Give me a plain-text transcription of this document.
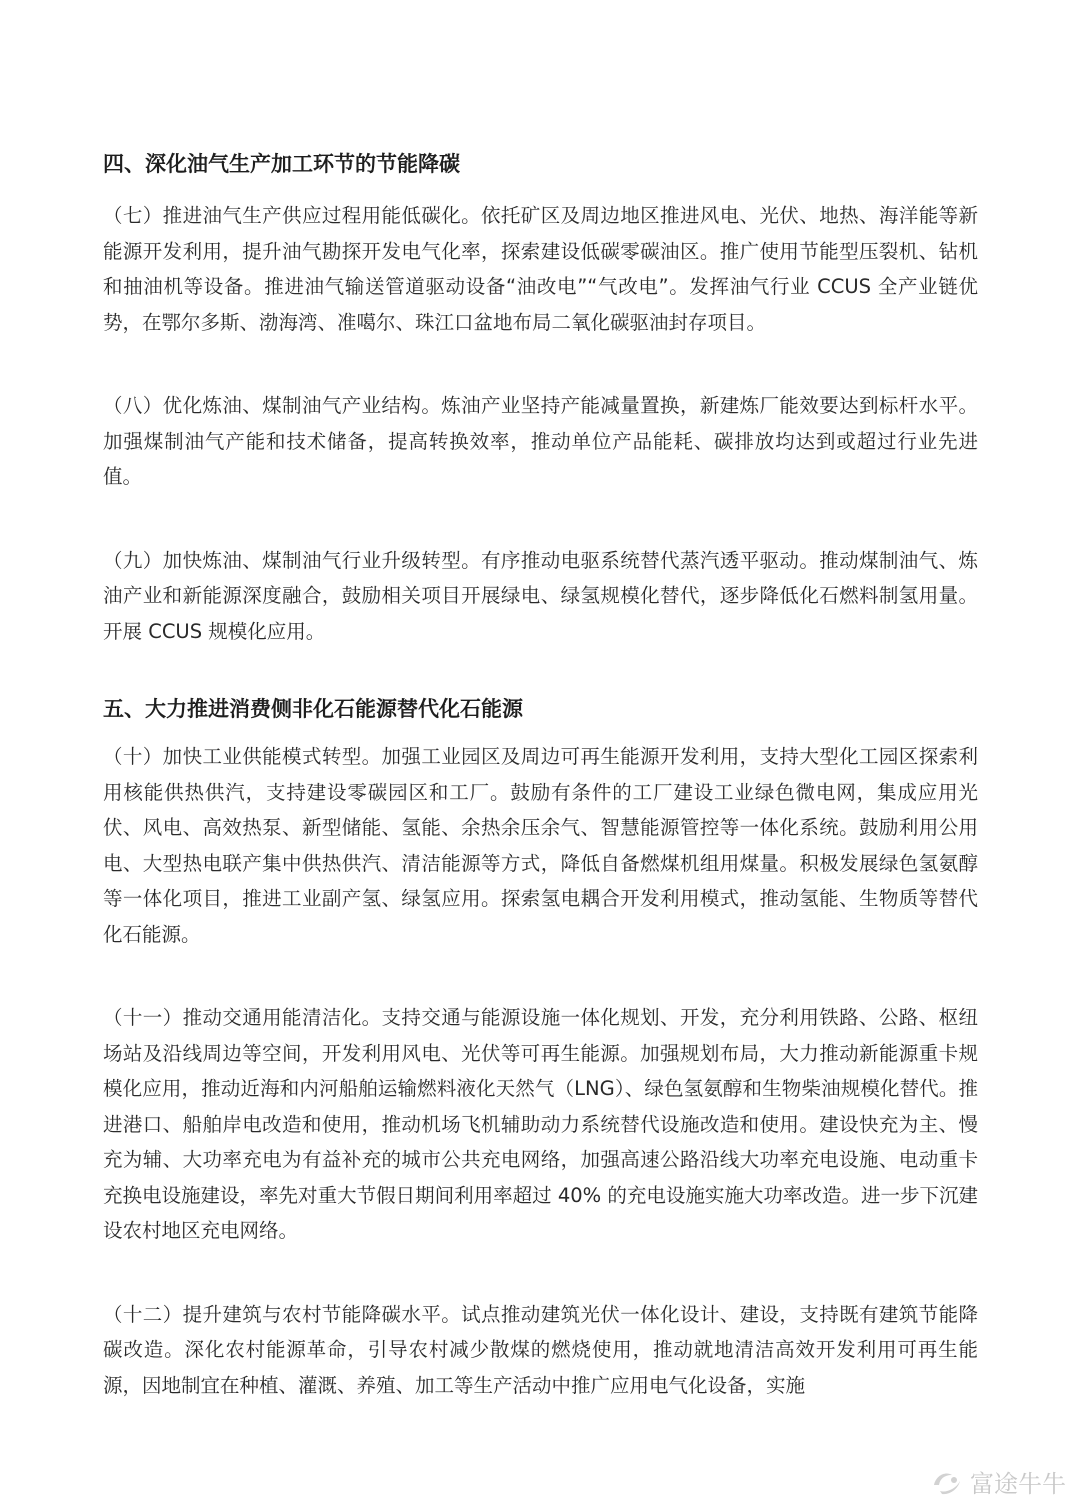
四、深化油气生产加工环节的节能降碳

（七）推进油气生产供应过程用能低碳化。依托矿区及周边地区推进风电、光伏、地热、海洋能等新能源开发利用，提升油气勘探开发电气化率，探索建设低碳零碳油区。推广使用节能型压裂机、钻机和抽油机等设备。推进油气输送管道驱动设备“油改电”“气改电”。发挥油气行业 CCUS 全产业链优势，在鄂尔多斯、渤海湾、准噶尔、珠江口盆地布局二氧化碳驱油封存项目。

（八）优化炼油、煤制油气产业结构。炼油产业坚持产能减量置换，新建炼厂能效要达到标杆水平。加强煤制油气产能和技术储备，提高转换效率，推动单位产品能耗、碳排放均达到或超过行业先进值。

（九）加快炼油、煤制油气行业升级转型。有序推动电驱系统替代蒸汽透平驱动。推动煤制油气、炼油产业和新能源深度融合，鼓励相关项目开展绿电、绿氢规模化替代，逐步降低化石燃料制氢用量。开展 CCUS 规模化应用。

五、大力推进消费侧非化石能源替代化石能源

（十）加快工业供能模式转型。加强工业园区及周边可再生能源开发利用，支持大型化工园区探索利用核能供热供汽，支持建设零碳园区和工厂。鼓励有条件的工厂建设工业绿色微电网，集成应用光伏、风电、高效热泵、新型储能、氢能、余热余压余气、智慧能源管控等一体化系统。鼓励利用公用电、大型热电联产集中供热供汽、清洁能源等方式，降低自备燃煤机组用煤量。积极发展绿色氢氨醇等一体化项目，推进工业副产氢、绿氢应用。探索氢电耦合开发利用模式，推动氢能、生物质等替代化石能源。

（十一）推动交通用能清洁化。支持交通与能源设施一体化规划、开发，充分利用铁路、公路、枢纽场站及沿线周边等空间，开发利用风电、光伏等可再生能源。加强规划布局，大力推动新能源重卡规模化应用，推动近海和内河船舶运输燃料液化天然气（LNG）、绿色氢氨醇和生物柴油规模化替代。推进港口、船舶岸电改造和使用，推动机场飞机辅助动力系统替代设施改造和使用。建设快充为主、慢充为辅、大功率充电为有益补充的城市公共充电网络，加强高速公路沿线大功率充电设施、电动重卡充换电设施建设，率先对重大节假日期间利用率超过 40% 的充电设施实施大功率改造。进一步下沉建设农村地区充电网络。

（十二）提升建筑与农村节能降碳水平。试点推动建筑光伏一体化设计、建设，支持既有建筑节能降碳改造。深化农村能源革命，引导农村减少散煤的燃烧使用，推动就地清洁高效开发利用可再生能源，因地制宜在种植、灌溉、养殖、加工等生产活动中推广应用电气化设备，实施

富途牛牛
